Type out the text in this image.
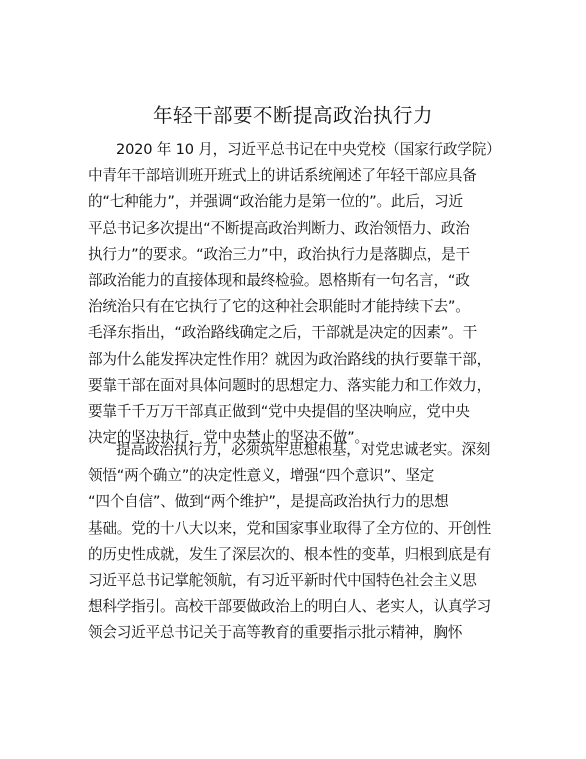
年轻干部要不断提高政治执行力
2020 年 10 月，习近平总书记在中央党校（国家行政学院）
中青年干部培训班开班式上的讲话系统阐述了年轻干部应具备
的“七种能力”，并强调“政治能力是第一位的”。此后，习近
平总书记多次提出“不断提高政治判断力、政治领悟力、政治
执行力”的要求。“政治三力”中，政治执行力是落脚点，是干
部政治能力的直接体现和最终检验。恩格斯有一句名言，“政
治统治只有在它执行了它的这种社会职能时才能持续下去”。
毛泽东指出，“政治路线确定之后，干部就是决定的因素”。干
部为什么能发挥决定性作用？就因为政治路线的执行要靠干部，
要靠干部在面对具体问题时的思想定力、落实能力和工作效力，
要靠千千万万干部真正做到“党中央提倡的坚决响应，党中央
决定的坚决执行，党中央禁止的坚决不做”。
提高政治执行力，必须筑牢思想根基，对党忠诚老实。深刻
领悟“两个确立”的决定性意义，增强“四个意识”、坚定
“四个自信”、做到“两个维护”，是提高政治执行力的思想
基础。党的十八大以来，党和国家事业取得了全方位的、开创性
的历史性成就，发生了深层次的、根本性的变革，归根到底是有
习近平总书记掌舵领航，有习近平新时代中国特色社会主义思
想科学指引。高校干部要做政治上的明白人、老实人，认真学习
领会习近平总书记关于高等教育的重要指示批示精神，胸怀
